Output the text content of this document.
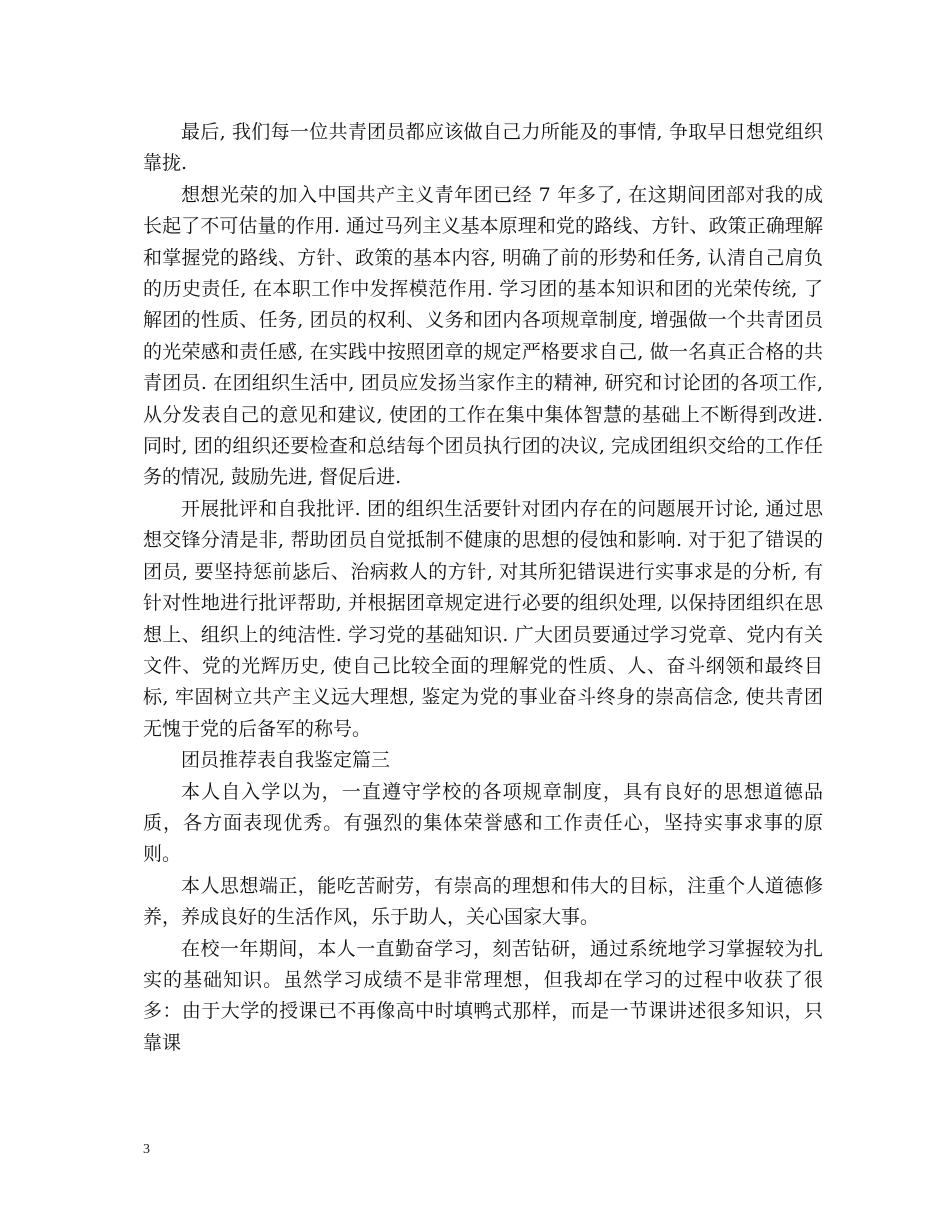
最后, 我们每一位共青团员都应该做自己力所能及的事情, 争取早日想党组织靠拢.

想想光荣的加入中国共产主义青年团已经 7 年多了, 在这期间团部对我的成长起了不可估量的作用. 通过马列主义基本原理和党的路线、方针、政策正确理解和掌握党的路线、方针、政策的基本内容, 明确了前的形势和任务, 认清自己肩负的历史责任, 在本职工作中发挥模范作用. 学习团的基本知识和团的光荣传统, 了解团的性质、任务, 团员的权利、义务和团内各项规章制度, 增强做一个共青团员的光荣感和责任感, 在实践中按照团章的规定严格要求自己, 做一名真正合格的共青团员. 在团组织生活中, 团员应发扬当家作主的精神, 研究和讨论团的各项工作, 从分发表自己的意见和建议, 使团的工作在集中集体智慧的基础上不断得到改进. 同时, 团的组织还要检查和总结每个团员执行团的决议, 完成团组织交给的工作任务的情况, 鼓励先进, 督促后进.

开展批评和自我批评. 团的组织生活要针对团内存在的问题展开讨论, 通过思想交锋分清是非, 帮助团员自觉抵制不健康的思想的侵蚀和影响. 对于犯了错误的团员, 要坚持惩前毖后、治病救人的方针, 对其所犯错误进行实事求是的分析, 有针对性地进行批评帮助, 并根据团章规定进行必要的组织处理, 以保持团组织在思想上、组织上的纯洁性. 学习党的基础知识. 广大团员要通过学习党章、党内有关文件、党的光辉历史, 使自己比较全面的理解党的性质、人、奋斗纲领和最终目标, 牢固树立共产主义远大理想, 鉴定为党的事业奋斗终身的崇高信念, 使共青团无愧于党的后备军的称号。

团员推荐表自我鉴定篇三

本人自入学以为，一直遵守学校的各项规章制度，具有良好的思想道德品质，各方面表现优秀。有强烈的集体荣誉感和工作责任心，坚持实事求事的原则。

本人思想端正，能吃苦耐劳，有崇高的理想和伟大的目标，注重个人道德修养，养成良好的生活作风，乐于助人，关心国家大事。

在校一年期间，本人一直勤奋学习，刻苦钻研，通过系统地学习掌握较为扎实的基础知识。虽然学习成绩不是非常理想，但我却在学习的过程中收获了很多：由于大学的授课已不再像高中时填鸭式那样，而是一节课讲述很多知识，只靠课

3
